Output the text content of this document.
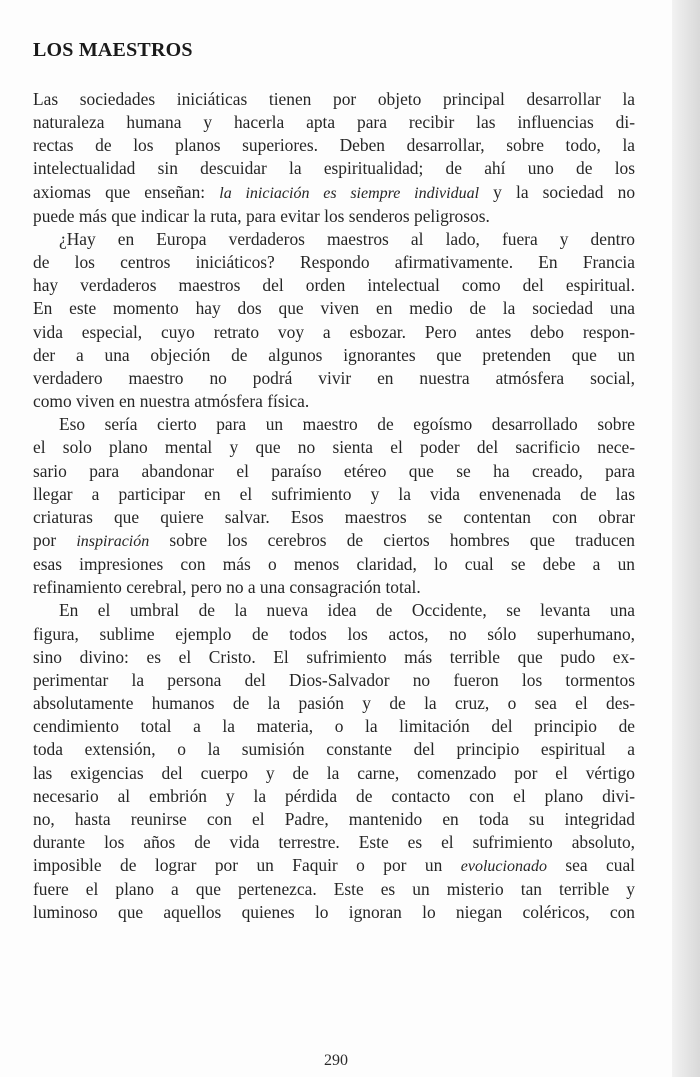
LOS MAESTROS

Las sociedades iniciáticas tienen por objeto principal desarrollar la

naturaleza humana y hacerla apta para recibir las influencias di-

rectas de los planos superiores. Deben desarrollar, sobre todo, la

intelectualidad sin descuidar la espiritualidad; de ahí uno de los

axiomas que enseñan: la iniciación es siempre individual y la sociedad no

puede más que indicar la ruta, para evitar los senderos peligrosos.

¿Hay en Europa verdaderos maestros al lado, fuera y dentro

de los centros iniciáticos? Respondo afirmativamente. En Francia

hay verdaderos maestros del orden intelectual como del espiritual.

En este momento hay dos que viven en medio de la sociedad una

vida especial, cuyo retrato voy a esbozar. Pero antes debo respon-

der a una objeción de algunos ignorantes que pretenden que un

verdadero maestro no podrá vivir en nuestra atmósfera social,

como viven en nuestra atmósfera física.

Eso sería cierto para un maestro de egoísmo desarrollado sobre

el solo plano mental y que no sienta el poder del sacrificio nece-

sario para abandonar el paraíso etéreo que se ha creado, para

llegar a participar en el sufrimiento y la vida envenenada de las

criaturas que quiere salvar. Esos maestros se contentan con obrar

por inspiración sobre los cerebros de ciertos hombres que traducen

esas impresiones con más o menos claridad, lo cual se debe a un

refinamiento cerebral, pero no a una consagración total.

En el umbral de la nueva idea de Occidente, se levanta una

figura, sublime ejemplo de todos los actos, no sólo superhumano,

sino divino: es el Cristo. El sufrimiento más terrible que pudo ex-

perimentar la persona del Dios-Salvador no fueron los tormentos

absolutamente humanos de la pasión y de la cruz, o sea el des-

cendimiento total a la materia, o la limitación del principio de

toda extensión, o la sumisión constante del principio espiritual a

las exigencias del cuerpo y de la carne, comenzado por el vértigo

necesario al embrión y la pérdida de contacto con el plano divi-

no, hasta reunirse con el Padre, mantenido en toda su integridad

durante los años de vida terrestre. Este es el sufrimiento absoluto,

imposible de lograr por un Faquir o por un evolucionado sea cual

fuere el plano a que pertenezca. Este es un misterio tan terrible y

luminoso que aquellos quienes lo ignoran lo niegan coléricos, con

290
